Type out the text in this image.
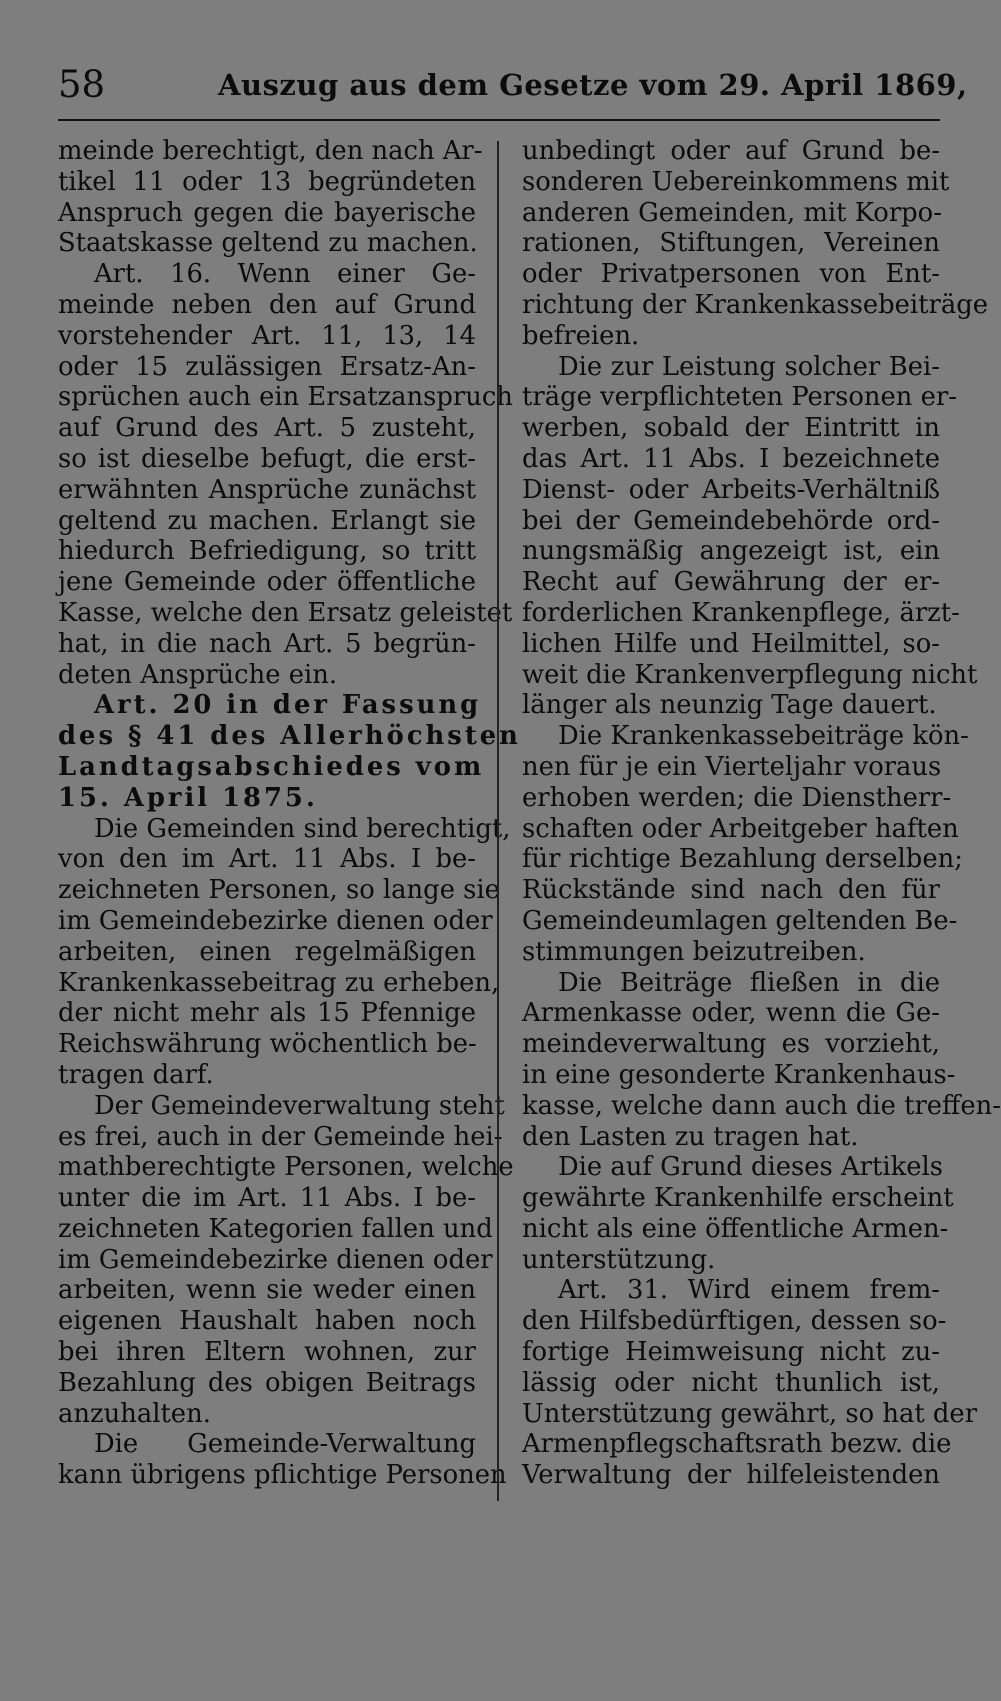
58	Auszug aus dem Gesetze vom 29. April 1869,
meinde berechtigt, den nach Ar-
tikel 11 oder 13 begründeten
Anspruch gegen die bayerische
Staatskasse geltend zu machen.
Art. 16. Wenn einer Ge-
meinde neben den auf Grund
vorstehender Art. 11, 13, 14
oder 15 zulässigen Ersatz-An-
sprüchen auch ein Ersatzanspruch
auf Grund des Art. 5 zusteht,
so ist dieselbe befugt, die erst-
erwähnten Ansprüche zunächst
geltend zu machen. Erlangt sie
hiedurch Befriedigung, so tritt
jene Gemeinde oder öffentliche
Kasse, welche den Ersatz geleistet
hat, in die nach Art. 5 begrün-
deten Ansprüche ein.
Art. 20 in der Fassung
des § 41 des Allerhöchsten
Landtagsabschiedes vom
15. April 1875.
Die Gemeinden sind berechtigt,
von den im Art. 11 Abs. I be-
zeichneten Personen, so lange sie
im Gemeindebezirke dienen oder
arbeiten, einen regelmäßigen
Krankenkassebeitrag zu erheben,
der nicht mehr als 15 Pfennige
Reichswährung wöchentlich be-
tragen darf.
Der Gemeindeverwaltung steht
es frei, auch in der Gemeinde hei-
mathberechtigte Personen, welche
unter die im Art. 11 Abs. I be-
zeichneten Kategorien fallen und
im Gemeindebezirke dienen oder
arbeiten, wenn sie weder einen
eigenen Haushalt haben noch
bei ihren Eltern wohnen, zur
Bezahlung des obigen Beitrags
anzuhalten.
Die Gemeinde-Verwaltung
kann übrigens pflichtige Personen
unbedingt oder auf Grund be-
sonderen Uebereinkommens mit
anderen Gemeinden, mit Korpo-
rationen, Stiftungen, Vereinen
oder Privatpersonen von Ent-
richtung der Krankenkassebeiträge
befreien.
Die zur Leistung solcher Bei-
träge verpflichteten Personen er-
werben, sobald der Eintritt in
das Art. 11 Abs. I bezeichnete
Dienst- oder Arbeits-Verhältniß
bei der Gemeindebehörde ord-
nungsmäßig angezeigt ist, ein
Recht auf Gewährung der er-
forderlichen Krankenpflege, ärzt-
lichen Hilfe und Heilmittel, so-
weit die Krankenverpflegung nicht
länger als neunzig Tage dauert.
Die Krankenkassebeiträge kön-
nen für je ein Vierteljahr voraus
erhoben werden; die Dienstherr-
schaften oder Arbeitgeber haften
für richtige Bezahlung derselben;
Rückstände sind nach den für
Gemeindeumlagen geltenden Be-
stimmungen beizutreiben.
Die Beiträge fließen in die
Armenkasse oder, wenn die Ge-
meindeverwaltung es vorzieht,
in eine gesonderte Krankenhaus-
kasse, welche dann auch die treffen-
den Lasten zu tragen hat.
Die auf Grund dieses Artikels
gewährte Krankenhilfe erscheint
nicht als eine öffentliche Armen-
unterstützung.
Art. 31. Wird einem frem-
den Hilfsbedürftigen, dessen so-
fortige Heimweisung nicht zu-
lässig oder nicht thunlich ist,
Unterstützung gewährt, so hat der
Armenpflegschaftsrath bezw. die
Verwaltung der hilfeleistenden
